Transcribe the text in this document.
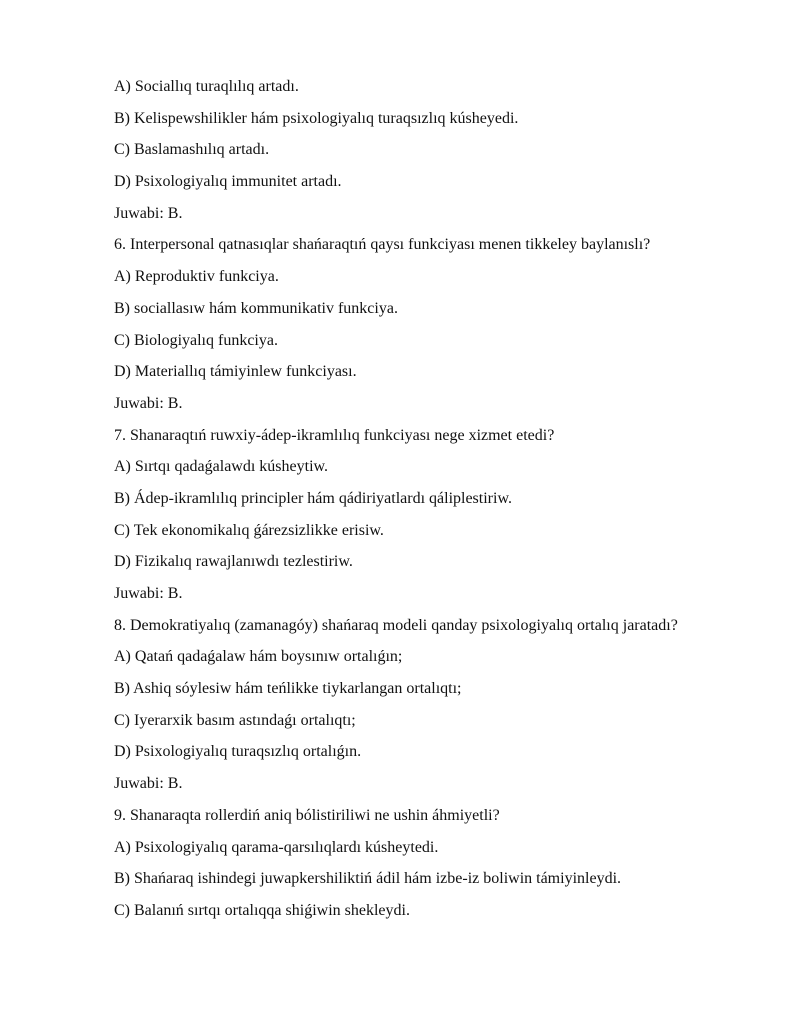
A) Sociallıq turaqlılıq artadı.
B) Kelispewshilikler hám psixologiyalıq turaqsızlıq kúsheyedi.
C) Baslamashılıq artadı.
D) Psixologiyalıq immunitet artadı.
Juwabi: B.
6. Interpersonal qatnasıqlar shańaraqtıń qaysı funkciyası menen tikkeley baylanıslı?
A) Reproduktiv funkciya.
B) sociallasıw hám kommunikativ funkciya.
C) Biologiyalıq funkciya.
D) Materiallıq támiyinlew funkciyası.
Juwabi: B.
7. Shanaraqtıń ruwxiy-ádep-ikramlılıq funkciyası nege xizmet etedi?
A) Sırtqı qadaǵalawdı kúsheytiw.
B) Ádep-ikramlılıq principler hám qádiriyatlardı qáliplestiriw.
C) Tek ekonomikalıq ǵárezsizlikke erisiw.
D) Fizikalıq rawajlanıwdı tezlestiriw.
Juwabi: B.
8. Demokratiyalıq (zamanagóy) shańaraq modeli qanday psixologiyalıq ortalıq jaratadı?
A) Qatań qadaǵalaw hám boysınıw ortalıǵın;
B) Ashiq sóylesiw hám teńlikke tiykarlangan ortalıqtı;
C) Iyerarxik basım astındaǵı ortalıqtı;
D) Psixologiyalıq turaqsızlıq ortalıǵın.
Juwabi: B.
9. Shanaraqta rollerdiń aniq bólistiriliwi ne ushin áhmiyetli?
A) Psixologiyalıq qarama-qarsılıqlardı kúsheytedi.
B) Shańaraq ishindegi juwapkershiliktiń ádil hám izbe-iz boliwin támiyinleydi.
C) Balanıń sırtqı ortalıqqa shiǵiwin shekleydi.
